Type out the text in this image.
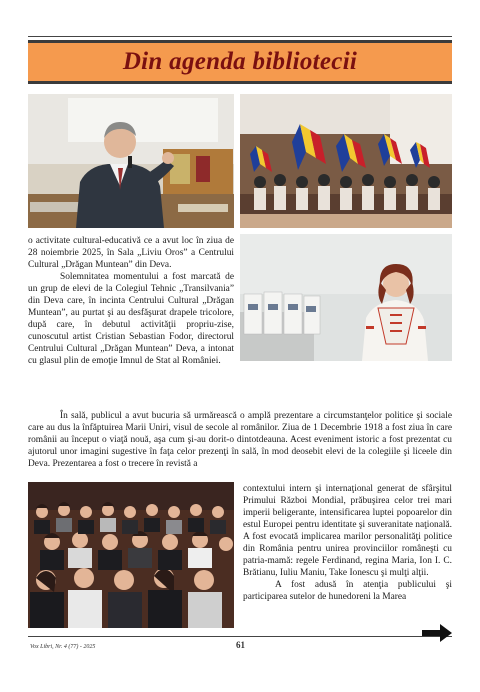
Din agenda bibliotecii

o activitate cultural-educativă ce a avut loc în ziua de 28 noiembrie 2025, în Sala „Liviu Oros” a Centrului Cultural „Drăgan Muntean” din Deva.

Solemnitatea momentului a fost marcată de un grup de elevi de la Colegiul Tehnic „Transilvania” din Deva care, în incinta Centrului Cultural „Drăgan Muntean”, au purtat şi au desfăşurat drapele tricolore, după care, în debutul activităţii propriu-zise, cunoscutul artist Cristian Sebastian Fodor, directorul Centrului Cultural „Drăgan Muntean” Deva, a intonat cu glasul plin de emoţie Imnul de Stat al României.

În sală, publicul a avut bucuria să urmărească o amplă prezentare a circumstanţelor politice şi sociale care au dus la înfăptuirea Marii Uniri, visul de secole al românilor. Ziua de 1 Decembrie 1918 a fost ziua în care românii au început o viaţă nouă, aşa cum şi-au dorit-o dintotdeauna. Acest eveniment istoric a fost prezentat cu ajutorul unor imagini sugestive în faţa celor prezenţi în sală, în mod deosebit elevi de la colegiile şi liceele din Deva. Prezentarea a fost o trecere în revistă a

contextului intern şi internaţional generat de sfârşitul Primului Război Mondial, prăbuşirea celor trei mari imperii beligerante, intensificarea luptei popoarelor din estul Europei pentru identitate şi suveranitate naţională. A fost evocată implicarea marilor personalităţi politice din România pentru unirea provinciilor româneşti cu patria-mamă: regele Ferdinand, regina Maria, Ion I. C. Brătianu, Iuliu Maniu, Take Ionescu şi mulţi alţii.

A fost adusă în atenţia publicului şi participarea sutelor de hunedoreni la Marea

Vox Libri, Nr. 4 (77) - 2025	61
